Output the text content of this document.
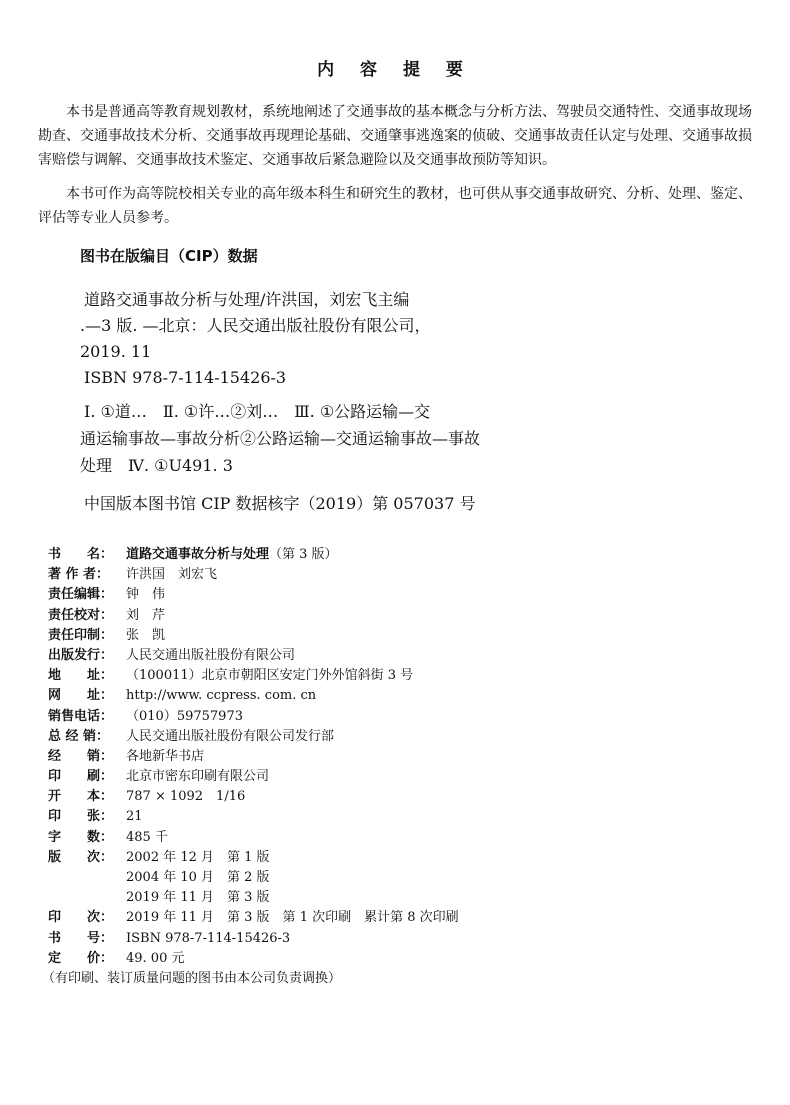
内 容 提 要
本书是普通高等教育规划教材，系统地阐述了交通事故的基本概念与分析方法、驾驶员交通特性、交通事故现场勘查、交通事故技术分析、交通事故再现理论基础、交通肇事逃逸案的侦破、交通事故责任认定与处理、交通事故损害赔偿与调解、交通事故技术鉴定、交通事故后紧急避险以及交通事故预防等知识。
本书可作为高等院校相关专业的高年级本科生和研究生的教材，也可供从事交通事故研究、分析、处理、鉴定、评估等专业人员参考。
图书在版编目（CIP）数据
道路交通事故分析与处理/许洪国，刘宏飞主编
.—3 版. —北京：人民交通出版社股份有限公司，
2019. 11
ISBN 978-7-114-15426-3
Ⅰ. ①道…　Ⅱ. ①许…②刘…　Ⅲ. ①公路运输—交
通运输事故—事故分析②公路运输—交通运输事故—事故
处理　Ⅳ. ①U491. 3
中国版本图书馆 CIP 数据核字（2019）第 057037 号
书　　名： 道路交通事故分析与处理（第 3 版）
著 作 者： 许洪国　刘宏飞
责任编辑： 钟　伟
责任校对： 刘　芹
责任印制： 张　凯
出版发行： 人民交通出版社股份有限公司
地　　址： （100011）北京市朝阳区安定门外外馆斜街 3 号
网　　址： http://www. ccpress. com. cn
销售电话： （010）59757973
总 经 销： 人民交通出版社股份有限公司发行部
经　　销： 各地新华书店
印　　刷： 北京市密东印刷有限公司
开　　本： 787 × 1092　1/16
印　　张： 21
字　　数： 485 千
版　　次： 2002 年 12 月　第 1 版
2004 年 10 月　第 2 版
2019 年 11 月　第 3 版
印　　次： 2019 年 11 月　第 3 版　第 1 次印刷　累计第 8 次印刷
书　　号： ISBN 978-7-114-15426-3
定　　价： 49. 00 元
（有印刷、装订质量问题的图书由本公司负责调换）
